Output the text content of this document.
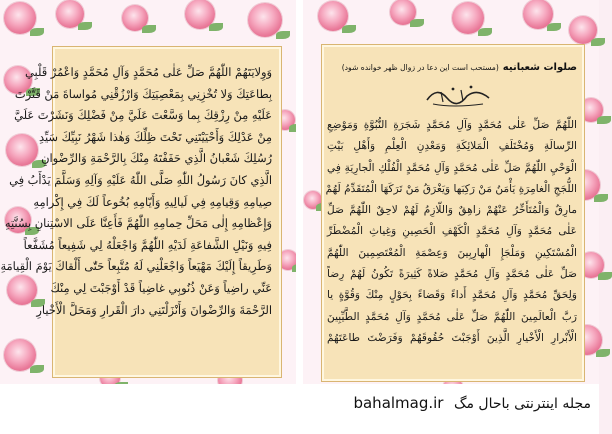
وَوِلايَتَهُمْ اللّٰهُمَّ صَلِّ عَلٰى مُحَمَّدٍ وَآلِ مُحَمَّدٍ وَاعْمُرْ قَلْبِي
بِطاعَتِكَ وَلا تُخْزِنِي بِمَعْصِيَتِكَ وَارْزُقْنِي مُواساةَ مَنْ قَتَّرْتَ
عَلَيْهِ مِنْ رِزْقِكَ بِما وَسَّعْتَ عَلَيَّ مِنْ فَضْلِكَ وَنَشَرْتَ عَلَيَّ
مِنْ عَدْلِكَ وَأَحْيَيْتَنِي تَحْتَ ظِلِّكَ وَهٰذا شَهْرُ نَبِيِّكَ سَيِّدِ
رُسُلِكَ شَعْبانُ الَّذِي حَفَفْتَهُ مِنْكَ بِالرَّحْمَةِ وَالرِّضْوانِ
الَّذِي كانَ رَسُولُ اللّٰهِ صَلَّى اللّٰهُ عَلَيْهِ وَآلِهِ وَسَلَّمَ يَدْأَبُ فِي
صِيامِهِ وَقِيامِهِ فِي لَيالِيهِ وَأَيّامِهِ بُخُوعاً لَكَ فِي إِكْرامِهِ
وَإِعْظامِهِ إِلٰى مَحَلِّ حِمامِهِ اللّٰهُمَّ فَأَعِنَّا عَلَى الاسْتِنانِ بِسُنَّتِهِ
فِيهِ وَنَيْلِ الشَّفاعَةِ لَدَيْهِ اللّٰهُمَّ وَاجْعَلْهُ لِي شَفِيعاً مُشَفَّعاً
وَطَرِيقاً إِلَيْكَ مَهْيَعاً وَاجْعَلْنِي لَهُ مُتَّبِعاً حَتّٰى أَلْقاكَ يَوْمَ الْقِيامَةِ
عَنِّي راضِياً وَعَنْ ذُنُوبِي غاضِياً قَدْ أَوْجَبْتَ لِي مِنْكَ
الرَّحْمَةَ وَالرِّضْوانَ وَأَنْزَلْتَنِي دارَ الْقَرارِ وَمَحَلَّ الْأَخْيارِ
صلوات شعبانیه(مستحب است این دعا در زوال ظهر خوانده شود)
اللّٰهُمَّ صَلِّ عَلٰى مُحَمَّدٍ وَآلِ مُحَمَّدٍ شَجَرَةِ النُّبُوَّةِ وَمَوْضِعِ
الرِّسالَةِ وَمُخْتَلَفِ الْمَلائِكَةِ وَمَعْدِنِ الْعِلْمِ وَأَهْلِ بَيْتِ
الْوَحْيِ اللّٰهُمَّ صَلِّ عَلٰى مُحَمَّدٍ وَآلِ مُحَمَّدٍ الْفُلْكِ الْجارِيَةِ فِي
اللُّجَجِ الْغامِرَةِ يَأْمَنُ مَنْ رَكِبَها وَيَغْرَقُ مَنْ تَرَكَهَا الْمُتَقَدِّمُ لَهُمْ
مارِقٌ وَالْمُتَأَخِّرُ عَنْهُمْ زاهِقٌ وَاللّازِمُ لَهُمْ لاحِقٌ اللّٰهُمَّ صَلِّ
عَلٰى مُحَمَّدٍ وَآلِ مُحَمَّدٍ الْكَهْفِ الْحَصِينِ وَغِياثِ الْمُضْطَرِّ
الْمُسْتَكِينِ وَمَلْجَإِ الْهارِبِينَ وَعِصْمَةِ الْمُعْتَصِمِينَ اللّٰهُمَّ
صَلِّ عَلٰى مُحَمَّدٍ وَآلِ مُحَمَّدٍ صَلاةً كَثِيرَةً تَكُونُ لَهُمْ رِضاً
وَلِحَقِّ مُحَمَّدٍ وَآلِ مُحَمَّدٍ أَداءً وَقَضاءً بِحَوْلٍ مِنْكَ وَقُوَّةٍ يا
رَبَّ الْعالَمِينَ اللّٰهُمَّ صَلِّ عَلٰى مُحَمَّدٍ وَآلِ مُحَمَّدٍ الطَّيِّبِينَ
الْأَبْرارِ الْأَخْيارِ الَّذِينَ أَوْجَبْتَ حُقُوقَهُمْ وَفَرَضْتَ طاعَتَهُمْ
مجله اینترنتی باحال مگ bahalmag.ir
